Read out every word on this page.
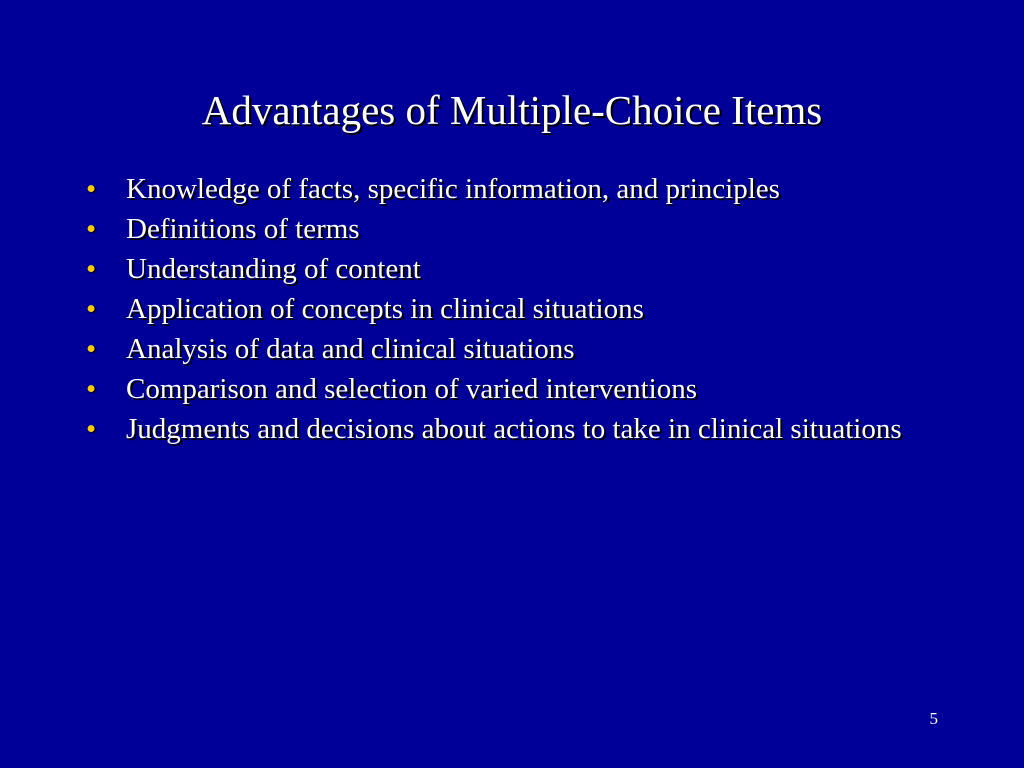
Advantages of Multiple-Choice Items
• Knowledge of facts, specific information, and principles
• Definitions of terms
• Understanding of content
• Application of concepts in clinical situations
• Analysis of data and clinical situations
• Comparison and selection of varied interventions
• Judgments and decisions about actions to take in clinical situations
5
